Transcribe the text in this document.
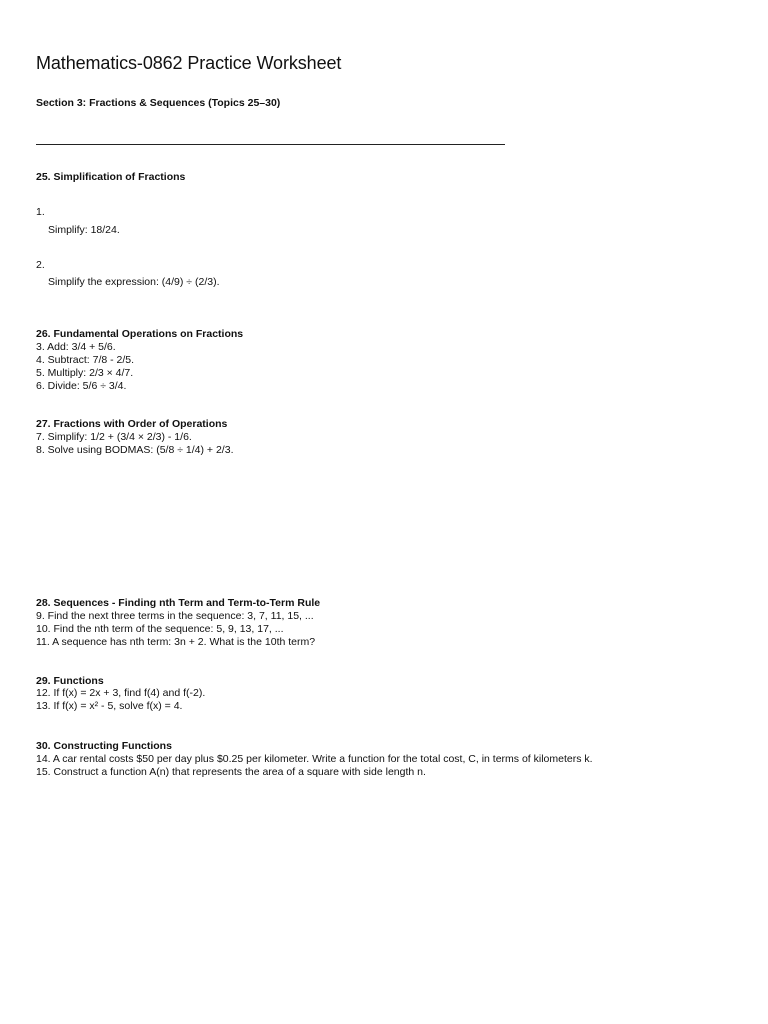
Mathematics-0862 Practice Worksheet

Section 3: Fractions & Sequences (Topics 25–30)

25. Simplification of Fractions

1.

Simplify: 18/24.

2.

Simplify the expression: (4/9) ÷ (2/3).

26. Fundamental Operations on Fractions

3. Add: 3/4 + 5/6.

4. Subtract: 7/8 - 2/5.

5. Multiply: 2/3 × 4/7.

6. Divide: 5/6 ÷ 3/4.

27. Fractions with Order of Operations

7. Simplify: 1/2 + (3/4 × 2/3) - 1/6.

8. Solve using BODMAS: (5/8 ÷ 1/4) + 2/3.

28. Sequences - Finding nth Term and Term-to-Term Rule

9. Find the next three terms in the sequence: 3, 7, 11, 15, ...

10. Find the nth term of the sequence: 5, 9, 13, 17, ...

11. A sequence has nth term: 3n + 2. What is the 10th term?

29. Functions

12. If f(x) = 2x + 3, find f(4) and f(-2).

13. If f(x) = x² - 5, solve f(x) = 4.

30. Constructing Functions

14. A car rental costs $50 per day plus $0.25 per kilometer. Write a function for the total cost, C, in terms of kilometers k.

15. Construct a function A(n) that represents the area of a square with side length n.
